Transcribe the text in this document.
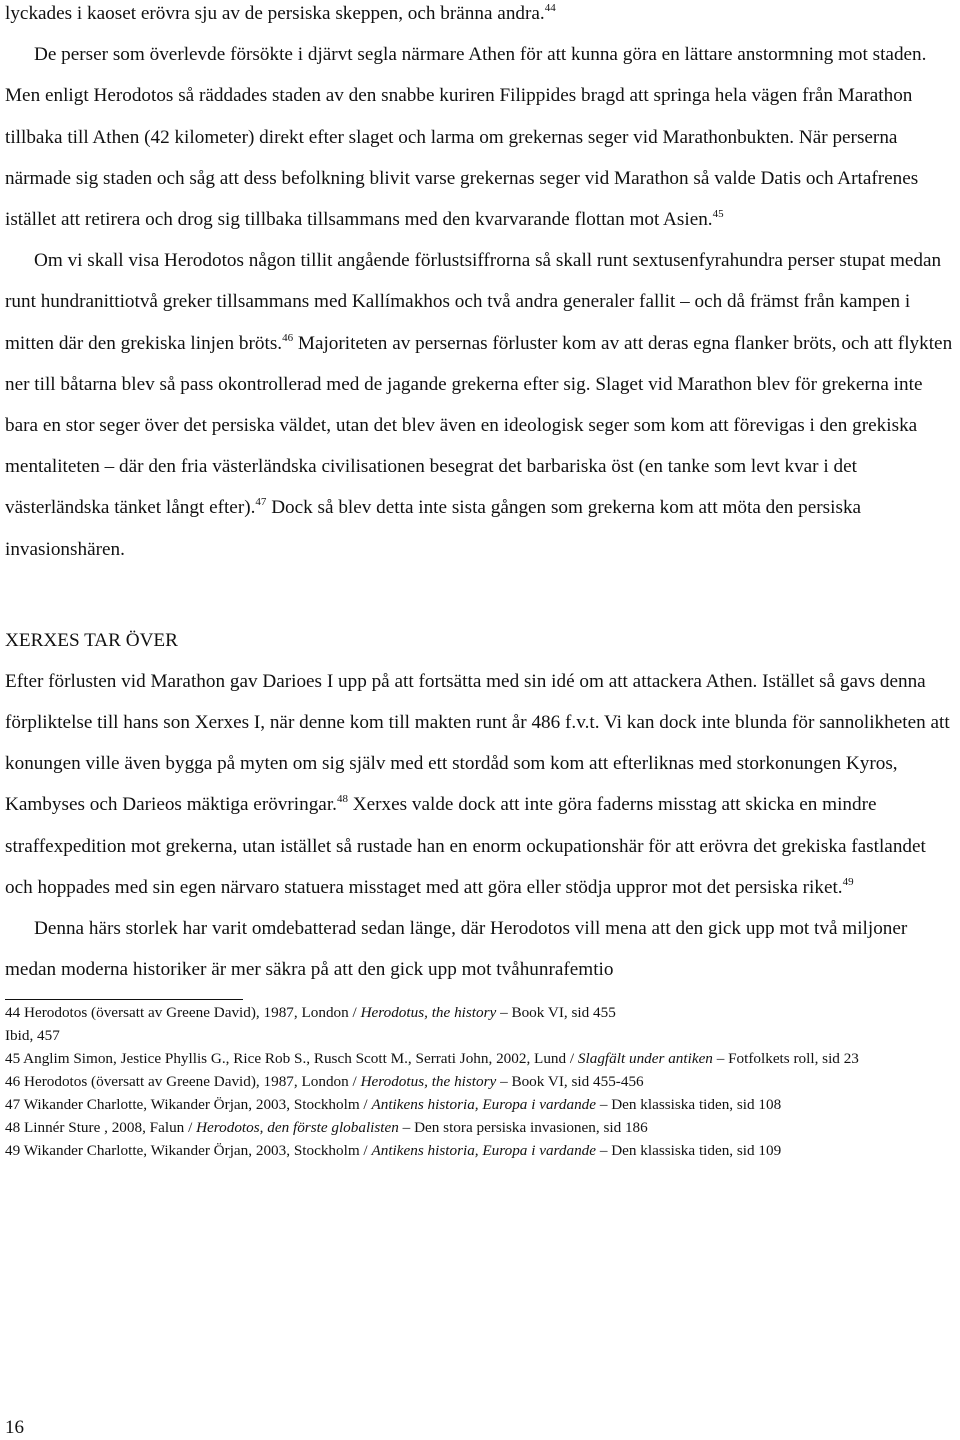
lyckades i kaoset erövra sju av de persiska skeppen, och bränna andra.$^{44}$

De perser som överlevde försökte i djärvt segla närmare Athen för att kunna göra en lättare anstormning mot staden. Men enligt Herodotos så räddades staden av den snabbe kuriren Filippides bragd att springa hela vägen från Marathon tillbaka till Athen (42 kilometer) direkt efter slaget och larma om grekernas seger vid Marathonbukten. När perserna närmade sig staden och såg att dess befolkning blivit varse grekernas seger vid Marathon så valde Datis och Artafrenes istället att retirera och drog sig tillbaka tillsammans med den kvarvarande flottan mot Asien.$^{45}$

Om vi skall visa Herodotos någon tillit angående förlustsiffrorna så skall runt sextusenfyrahundra perser stupat medan runt hundranittiotvå greker tillsammans med Kallímakhos och två andra generaler fallit – och då främst från kampen i mitten där den grekiska linjen bröts.$^{46}$ Majoriteten av persernas förluster kom av att deras egna flanker bröts, och att flykten ner till båtarna blev så pass okontrollerad med de jagande grekerna efter sig. Slaget vid Marathon blev för grekerna inte bara en stor seger över det persiska väldet, utan det blev även en ideologisk seger som kom att förevigas i den grekiska mentaliteten – där den fria västerländska civilisationen besegrat det barbariska öst (en tanke som levt kvar i det västerländska tänket långt efter).$^{47}$ Dock så blev detta inte sista gången som grekerna kom att möta den persiska invasionshären.

XERXES TAR ÖVER

Efter förlusten vid Marathon gav Darioes I upp på att fortsätta med sin idé om att attackera Athen. Istället så gavs denna förpliktelse till hans son Xerxes I, när denne kom till makten runt år 486 f.v.t. Vi kan dock inte blunda för sannolikheten att konungen ville även bygga på myten om sig själv med ett stordåd som kom att efterliknas med storkonungen Kyros, Kambyses och Darieos mäktiga erövringar.$^{48}$ Xerxes valde dock att inte göra faderns misstag att skicka en mindre straffexpedition mot grekerna, utan istället så rustade han en enorm ockupationshär för att erövra det grekiska fastlandet och hoppades med sin egen närvaro statuera misstaget med att göra eller stödja uppror mot det persiska riket.$^{49}$

Denna härs storlek har varit omdebatterad sedan länge, där Herodotos vill mena att den gick upp mot två miljoner medan moderna historiker är mer säkra på att den gick upp mot tvåhunrafemtio

44 Herodotos (översatt av Greene David), 1987, London / Herodotus, the history – Book VI, sid 455
Ibid, 457
45 Anglim Simon, Jestice Phyllis G., Rice Rob S., Rusch Scott M., Serrati John, 2002, Lund / Slagfält under antiken – Fotfolkets roll, sid 23
46 Herodotos (översatt av Greene David), 1987, London / Herodotus, the history – Book VI, sid 455-456
47 Wikander Charlotte, Wikander Örjan, 2003, Stockholm / Antikens historia, Europa i vardande – Den klassiska tiden, sid 108
48 Linnér Sture , 2008, Falun / Herodotos, den förste globalisten – Den stora persiska invasionen, sid 186
49 Wikander Charlotte, Wikander Örjan, 2003, Stockholm / Antikens historia, Europa i vardande – Den klassiska tiden, sid 109
16
